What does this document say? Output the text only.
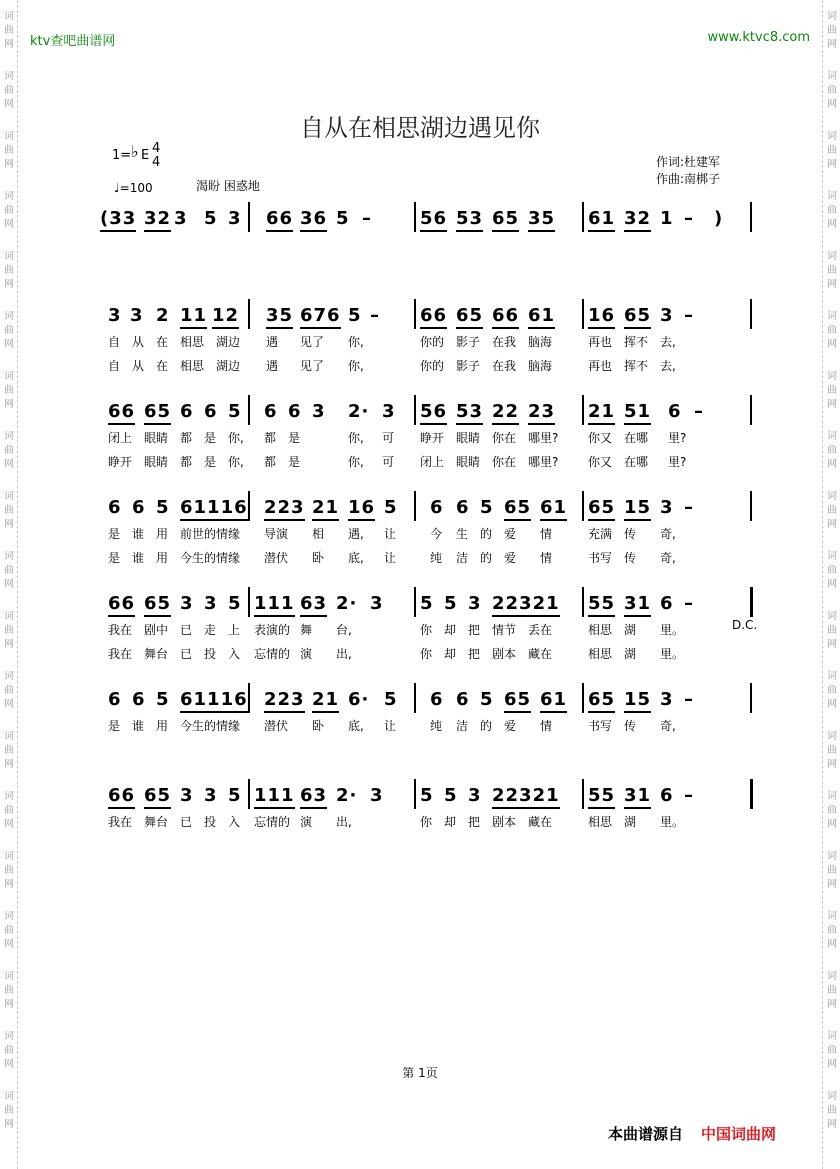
词
曲
网
词
曲
网
词
曲
网
词
曲
网
词
曲
网
词
曲
网
词
曲
网
词
曲
网
词
曲
网
词
曲
网
词
曲
网
词
曲
网
词
曲
网
词
曲
网
词
曲
网
词
曲
网
词
曲
网
词
曲
网
词
曲
网
词
曲
网
词
曲
网
词
曲
网
词
曲
网
词
曲
网
词
曲
网
词
曲
网
词
曲
网
词
曲
网
词
曲
网
词
曲
网
词
曲
网
词
曲
网
词
曲
网
词
曲
网
词
曲
网
词
曲
网
词
曲
网
词
曲
网
ktv查吧曲谱网	www.ktvc8.com
自从在相思湖边遇见你
1= ♭ E 4
4
♩=100	渴盼 困惑地
作词:杜建军
作曲:南梆子
(33 32 3 5 3 66 36 5 –	56 53 65 35 61 32 1 – )
3 3 2 11 12 35 676 5 – 66 65 66 61 16 65 3 –
自 从 在 相思 湖边 遇 见了 你,	你的 影子 在我 脑海	再也 挥不 去,
自 从 在 相思 湖边 遇 见了 你,	你的 影子 在我 脑海	再也 挥不 去,
66 65 6 6 5 6 6 3 2· 3 56 53 22 23 21 51 6 –
闭上 眼睛 都 是 你, 都 是	你, 可 睁开 眼睛 你在 哪里? 你又 在哪 里?
睁开 眼睛 都 是 你, 都 是	你, 可 闭上 眼睛 你在 哪里? 你又 在哪 里?
6 6 5 61116 223 21 16 5 6 6 5 65 61 65 15 3 –
是 谁 用 前世的情缘 导演 相 遇, 让	今 生 的 爱 情	充满 传 奇,
是 谁 用 今生的情缘 潜伏 卧 底, 让	纯 洁 的 爱 情	书写 传 奇,
66 65 3 3 5 111 63 2· 3 5 5 3 22321 55 31 6 –
我在 剧中 已 走 上 表演的 舞 台,	你 却 把 情节 丢在	相思 湖 里。
我在 舞台 已 投 入 忘情的 演 出,	你 却 把 剧本 藏在	相思 湖 里。
6 6 5 61116 223 21 6· 5 6 6 5 65 61 65 15 3 –
是 谁 用 今生的情缘 潜伏 卧 底, 让	纯 洁 的 爱 情	书写 传 奇,
66 65 3 3 5 111 63 2· 3 5 5 3 22321 55 31 6 –
我在 舞台 已 投 入 忘情的 演 出,	你 却 把 剧本 藏在	相思 湖 里。
D.C.
第 1页
本曲谱源自 中国词曲网
